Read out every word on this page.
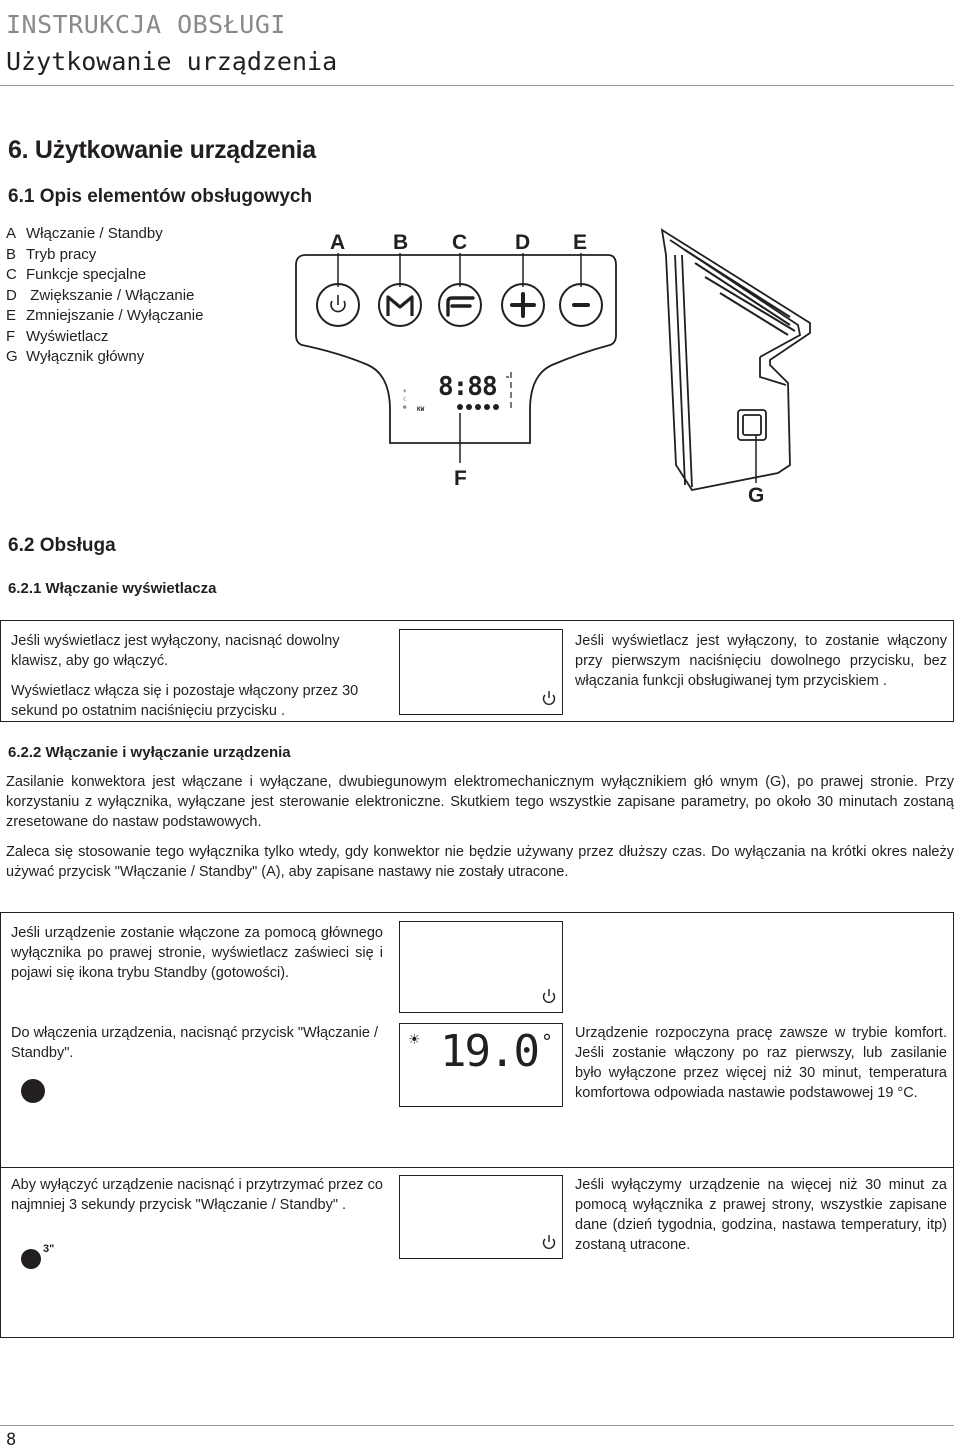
INSTRUKCJA OBSŁUGI
Użytkowanie urządzenia
6. Użytkowanie urządzenia
6.1 Opis elementów obsługowych
A Włączanie / Standby
B Tryb pracy
C Funkcje specjalne
D Zwiększanie / Włączanie
E Zmniejszanie / Wyłączanie
F Wyświetlacz
G Wyłącznik główny
A B C D E
F
G
☀
☾
❄
8:88
KW
6.2 Obsługa
6.2.1 Włączanie wyświetlacza
Jeśli wyświetlacz jest wyłączony, nacisnąć dowolny klawisz, aby go włączyć.
Wyświetlacz włącza się i pozostaje włączony przez 30 sekund po ostatnim naciśnięciu przycisku .
Jeśli wyświetlacz jest wyłączony, to zostanie włączony przy pierwszym naciśnięciu dowolnego przycisku, bez włączania funkcji obsługiwanej tym przyciskiem .
6.2.2 Włączanie i wyłączanie urządzenia
Zasilanie konwektora jest włączane i wyłączane, dwubiegunowym elektromechanicznym wyłącznikiem głó wnym (G), po prawej stronie. Przy korzystaniu z wyłącznika, wyłączane jest sterowanie elektroniczne. Skutkiem tego wszystkie zapisane parametry, po około 30 minutach zostaną zresetowane do nastaw podstawowych.
Zaleca się stosowanie tego wyłącznika tylko wtedy, gdy konwektor nie będzie używany przez dłuższy czas. Do wyłączania na krótki okres należy używać przycisk "Włączanie / Standby" (A), aby zapisane nastawy nie zostały utracone.
Jeśli urządzenie zostanie włączone za pomocą głównego wyłącznika po prawej stronie, wyświetlacz zaświeci się i pojawi się ikona trybu Standby (gotowości).
Do włączenia urządzenia, nacisnąć przycisk "Włączanie / Standby".
☀ 19.0 ° Urządzenie rozpoczyna pracę zawsze w trybie komfort. Jeśli zostanie włączony po raz pierwszy, lub zasilanie było wyłączone przez więcej niż 30 minut, temperatura komfortowa odpowiada nastawie podstawowej 19 °C.
Aby wyłączyć urządzenie nacisnąć i przytrzymać przez co najmniej 3 sekundy przycisk "Włączanie / Standby" .
3"
Jeśli wyłączymy urządzenie na więcej niż 30 minut za pomocą wyłącznika z prawej strony, wszystkie zapisane dane (dzień tygodnia, godzina, nastawa temperatury, itp) zostaną utracone.
8
